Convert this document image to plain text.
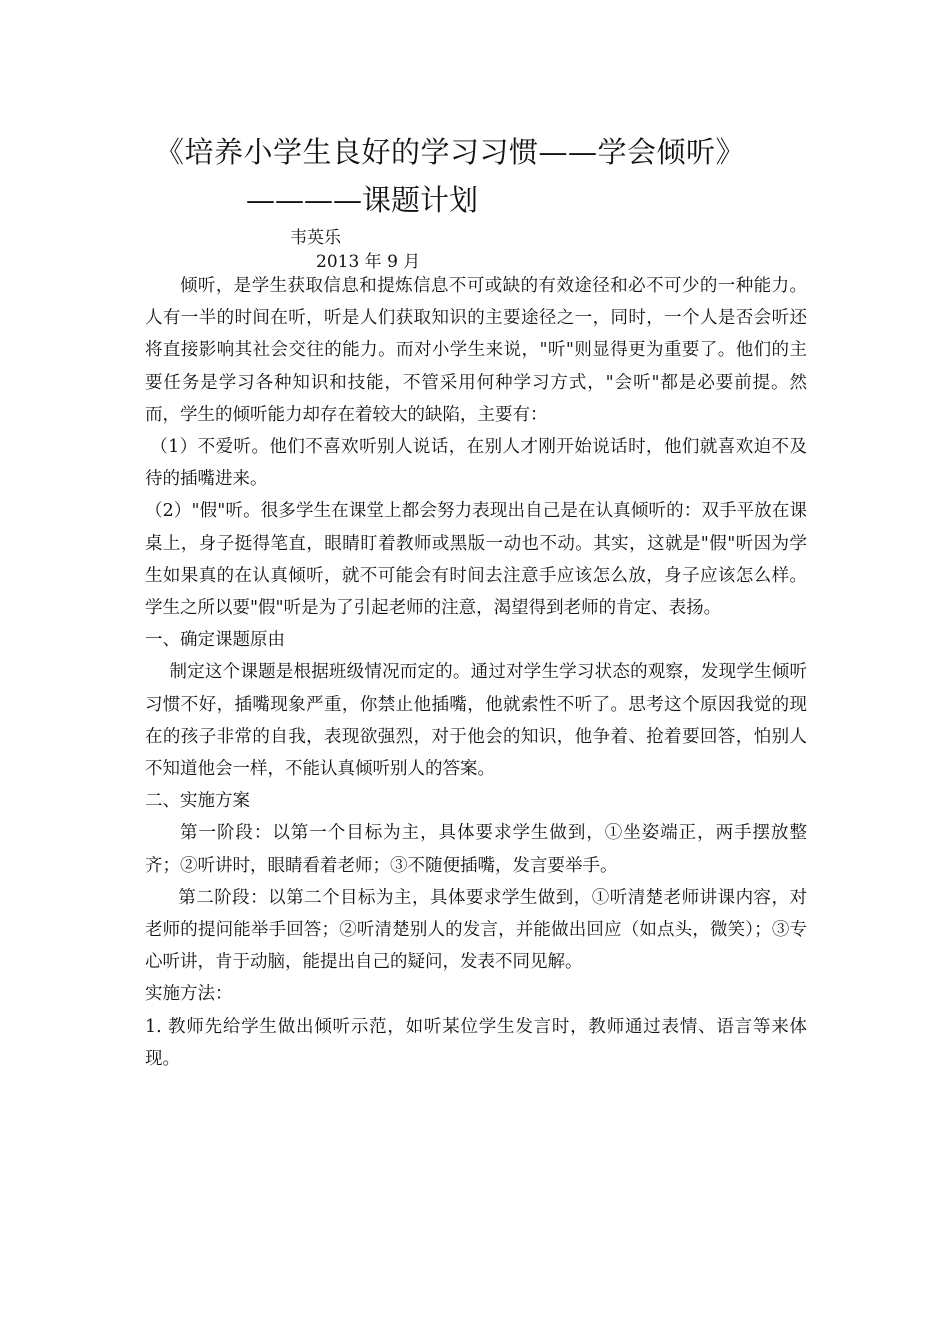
《培养小学生良好的学习习惯——学会倾听》
————课题计划
韦英乐
2013 年 9 月

倾听，是学生获取信息和提炼信息不可或缺的有效途径和必不可少的一种能力。人有一半的时间在听，听是人们获取知识的主要途径之一，同时，一个人是否会听还将直接影响其社会交往的能力。而对小学生来说，"听"则显得更为重要了。他们的主要任务是学习各种知识和技能，不管采用何种学习方式，"会听"都是必要前提。然而，学生的倾听能力却存在着较大的缺陷，主要有：

（1）不爱听。他们不喜欢听别人说话，在别人才刚开始说话时，他们就喜欢迫不及待的插嘴进来。

（2）"假"听。很多学生在课堂上都会努力表现出自己是在认真倾听的：双手平放在课桌上，身子挺得笔直，眼睛盯着教师或黑版一动也不动。其实，这就是"假"听因为学生如果真的在认真倾听，就不可能会有时间去注意手应该怎么放，身子应该怎么样。学生之所以要"假"听是为了引起老师的注意，渴望得到老师的肯定、表扬。

一、确定课题原由

制定这个课题是根据班级情况而定的。通过对学生学习状态的观察，发现学生倾听习惯不好，插嘴现象严重，你禁止他插嘴，他就索性不听了。思考这个原因我觉的现在的孩子非常的自我，表现欲强烈，对于他会的知识，他争着、抢着要回答，怕别人不知道他会一样，不能认真倾听别人的答案。

二、实施方案

第一阶段：以第一个目标为主，具体要求学生做到，①坐姿端正，两手摆放整齐；②听讲时，眼睛看着老师；③不随便插嘴，发言要举手。

第二阶段：以第二个目标为主，具体要求学生做到，①听清楚老师讲课内容，对老师的提问能举手回答；②听清楚别人的发言，并能做出回应（如点头，微笑）；③专心听讲，肯于动脑，能提出自己的疑问，发表不同见解。

实施方法：

1. 教师先给学生做出倾听示范，如听某位学生发言时，教师通过表情、语言等来体现。
